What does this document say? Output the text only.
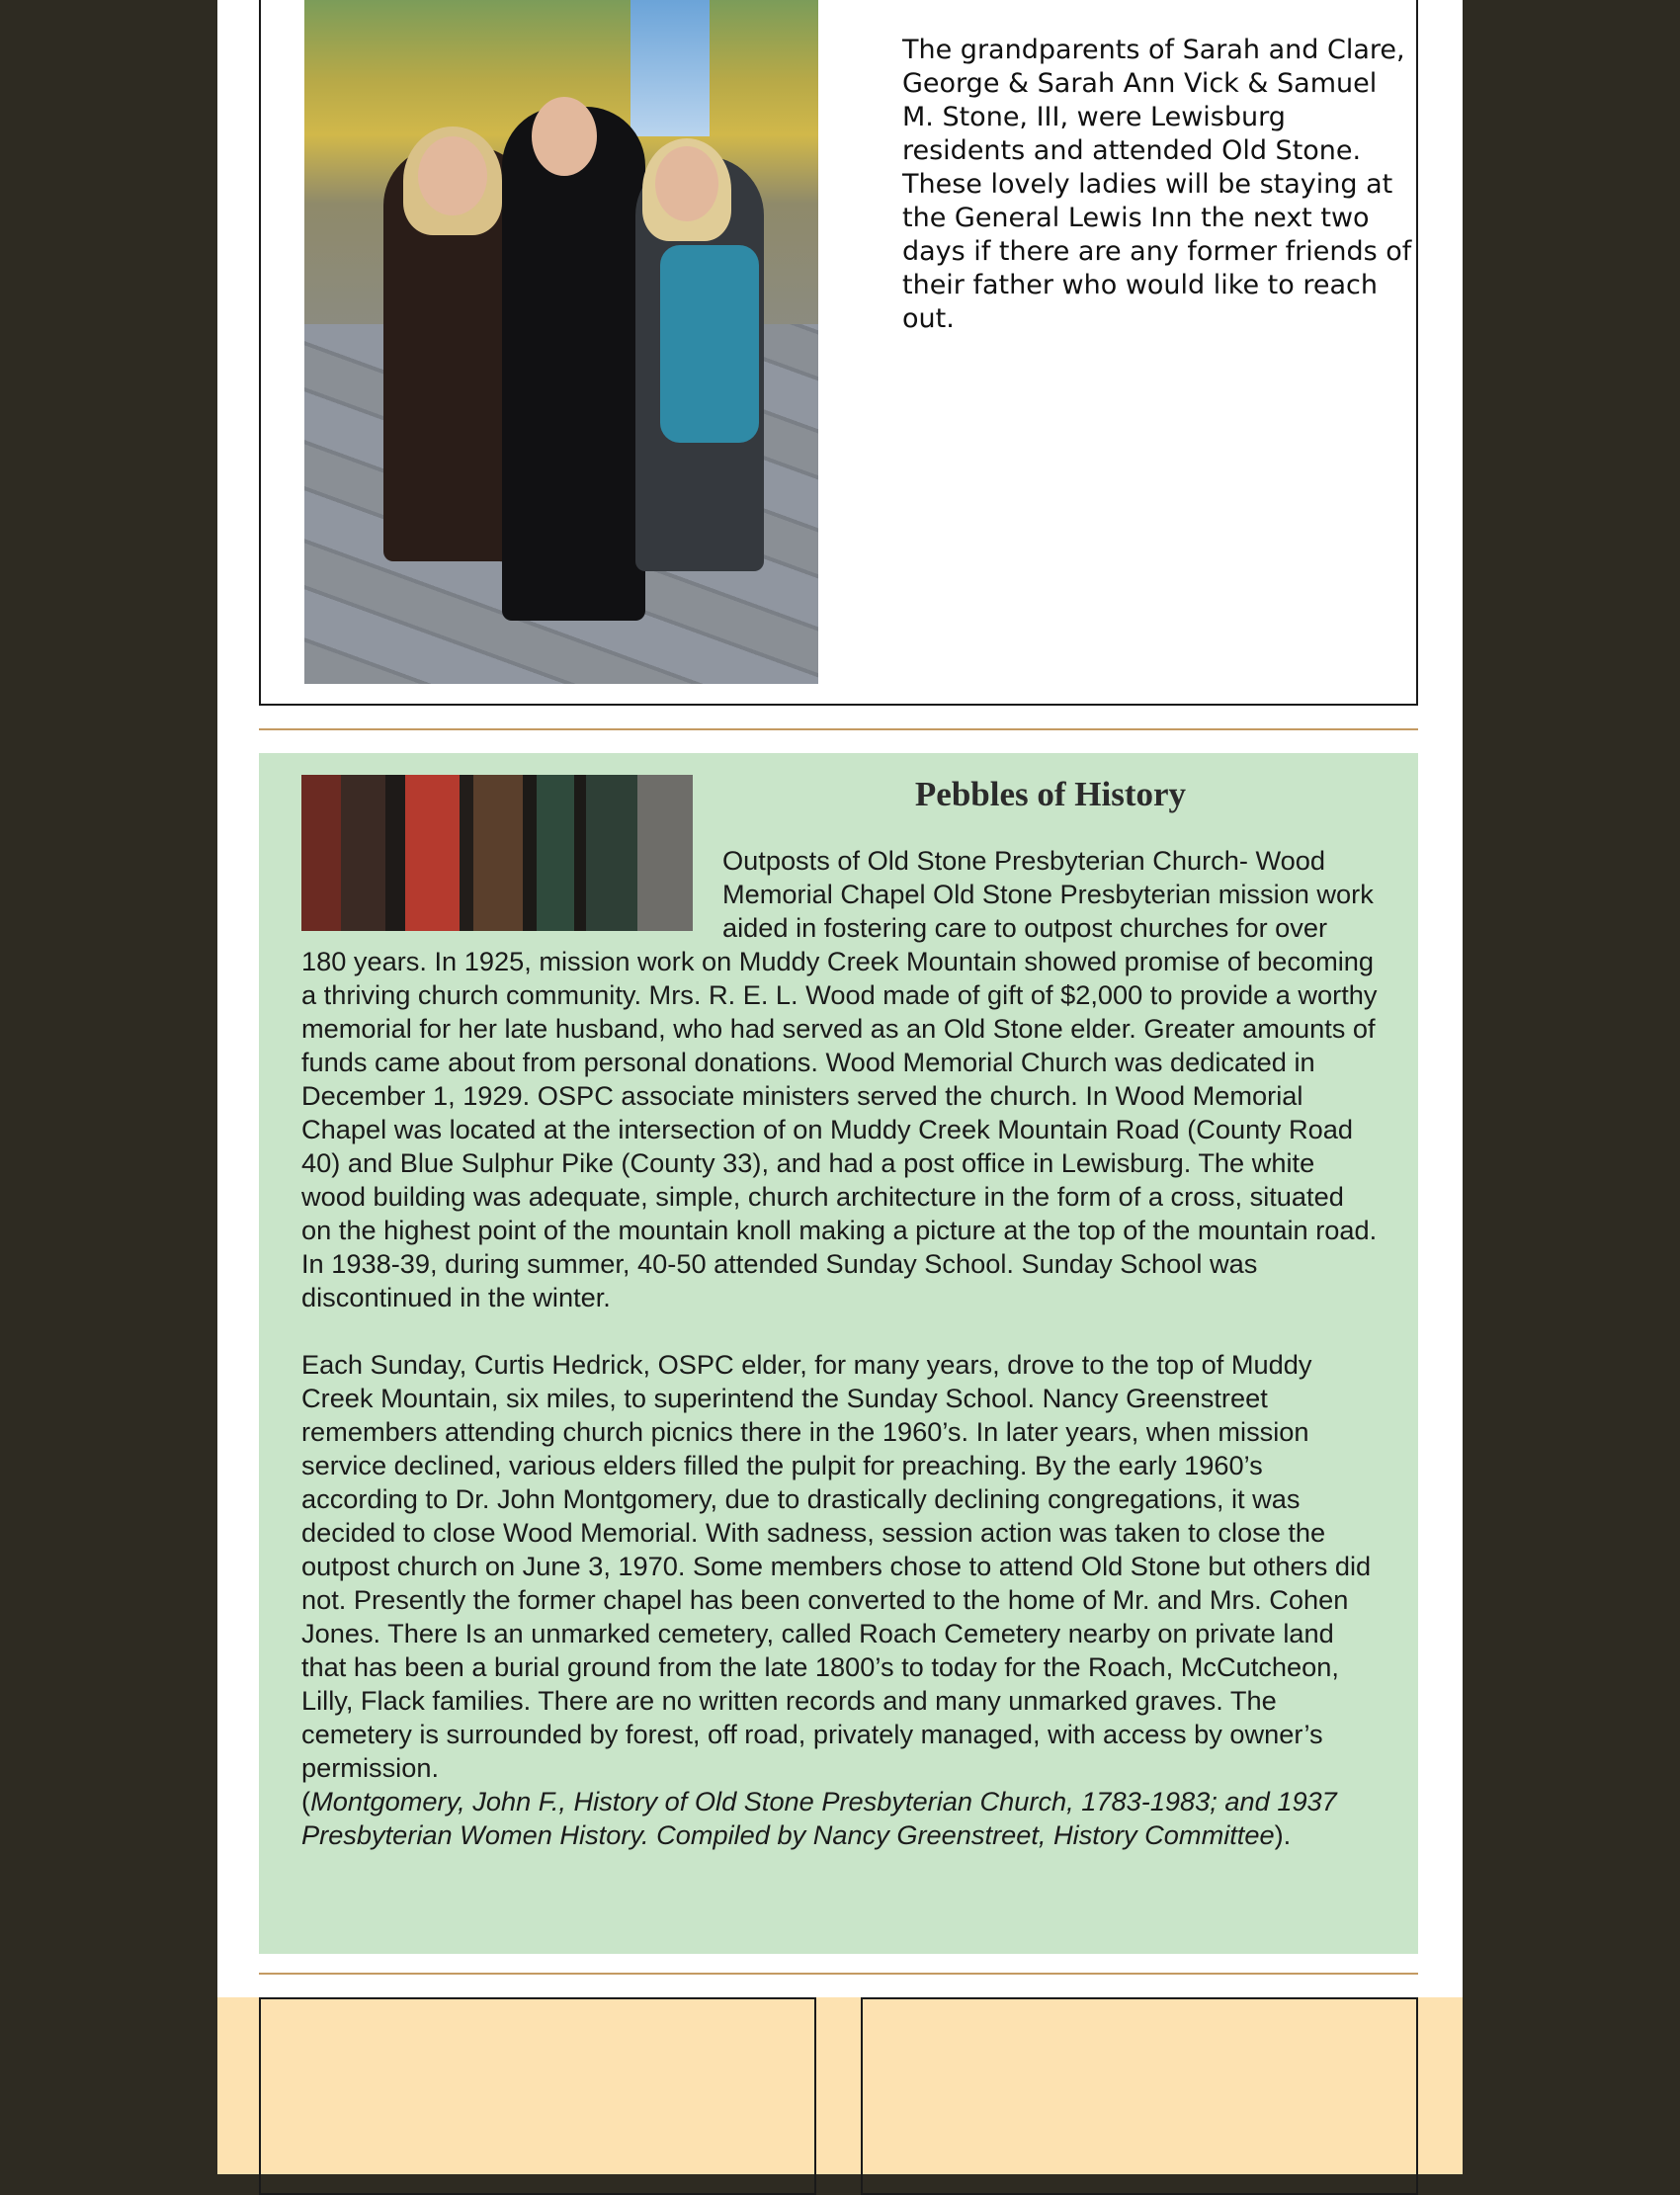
The grandparents of Sarah and Clare, George & Sarah Ann Vick & Samuel M. Stone, III, were Lewisburg residents and attended Old Stone. These lovely ladies will be staying at the General Lewis Inn the next two days if there are any former friends of their father who would like to reach out.

Pebbles of History

Outposts of Old Stone Presbyterian Church- Wood Memorial Chapel Old Stone Presbyterian mission work aided in fostering care to outpost churches for over 180 years. In 1925, mission work on Muddy Creek Mountain showed promise of becoming a thriving church community. Mrs. R. E. L. Wood made of gift of $2,000 to provide a worthy memorial for her late husband, who had served as an Old Stone elder. Greater amounts of funds came about from personal donations. Wood Memorial Church was dedicated in December 1, 1929. OSPC associate ministers served the church. In Wood Memorial Chapel was located at the intersection of on Muddy Creek Mountain Road (County Road 40) and Blue Sulphur Pike (County 33), and had a post office in Lewisburg. The white wood building was adequate, simple, church architecture in the form of a cross, situated on the highest point of the mountain knoll making a picture at the top of the mountain road. In 1938-39, during summer, 40-50 attended Sunday School. Sunday School was discontinued in the winter.

Each Sunday, Curtis Hedrick, OSPC elder, for many years, drove to the top of Muddy Creek Mountain, six miles, to superintend the Sunday School. Nancy Greenstreet remembers attending church picnics there in the 1960’s. In later years, when mission service declined, various elders filled the pulpit for preaching. By the early 1960’s according to Dr. John Montgomery, due to drastically declining congregations, it was decided to close Wood Memorial. With sadness, session action was taken to close the outpost church on June 3, 1970. Some members chose to attend Old Stone but others did not. Presently the former chapel has been converted to the home of Mr. and Mrs. Cohen Jones. There Is an unmarked cemetery, called Roach Cemetery nearby on private land that has been a burial ground from the late 1800’s to today for the Roach, McCutcheon, Lilly, Flack families. There are no written records and many unmarked graves. The cemetery is surrounded by forest, off road, privately managed, with access by owner’s permission.

(Montgomery, John F., History of Old Stone Presbyterian Church, 1783-1983; and 1937 Presbyterian Women History. Compiled by Nancy Greenstreet, History Committee).
